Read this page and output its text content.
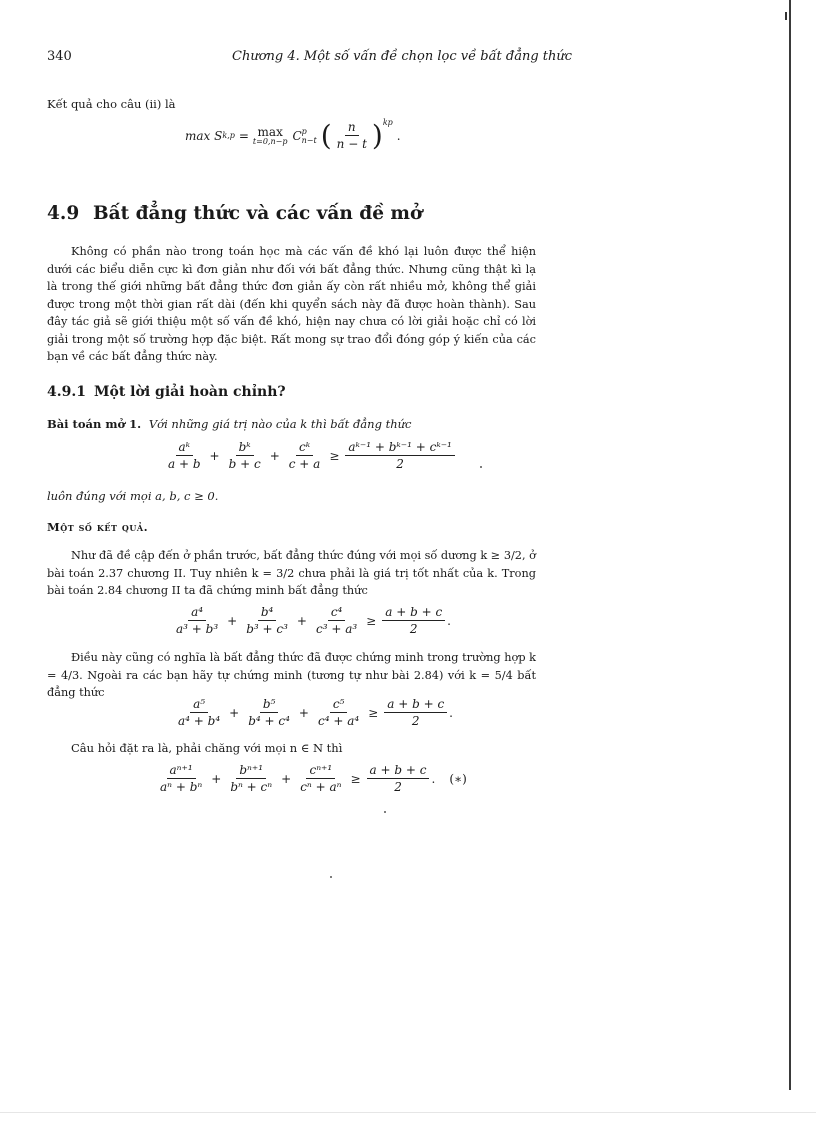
340	Chương 4. Một số vấn đề chọn lọc về bất đẳng thức
Kết quả cho câu (ii) là
max S k,p = max
t=0,n−p C p
n−t ( $\frac{n}{n - t} )^{kp}$
.
4.9 Bất đẳng thức và các vấn đề mở
Không có phần nào trong toán học mà các vấn đề khó lại luôn được thể hiện dưới các biểu diễn cực kì đơn giản như đối với bất đẳng thức. Nhưng cũng thật kì lạ là trong thế giới những bất đẳng thức đơn giản ấy còn rất nhiều mở, không thể giải được trong một thời gian rất dài (đến khi quyển sách này đã được hoàn thành). Sau đây tác giả sẽ giới thiệu một số vấn đề khó, hiện nay chưa có lời giải hoặc chỉ có lời giải trong một số trường hợp đặc biệt. Rất mong sự trao đổi đóng góp ý kiến của các bạn về các bất đẳng thức này.
4.9.1 Một lời giải hoàn chỉnh?
Bài toán mở 1. Với những giá trị nào của k thì bất đẳng thức
$\frac{\text{aᵏ}}{a + b} + \frac{\text{bᵏ}}{b + c} + \frac{\text{cᵏ}}{c + a} \ge \frac{\text{aᵏ⁻¹ + bᵏ⁻¹ + cᵏ⁻¹}}{2}$
luôn đúng với mọi a, b, c ≥ 0.
Một số kết quả.
Như đã đề cập đến ở phần trước, bất đẳng thức đúng với mọi số dương k ≥ 3/2, ở bài toán 2.37 chương II. Tuy nhiên k = 3/2 chưa phải là giá trị tốt nhất của k. Trong bài toán 2.84 chương II ta đã chứng minh bất đẳng thức
$\frac{\text{a⁴}}{\text{a³ + b³}} + \frac{\text{b⁴}}{\text{b³ + c³}} + \frac{\text{c⁴}}{\text{c³ + a³}} \ge \frac{a + b + c}{2}$ .
Điều này cũng có nghĩa là bất đẳng thức đã được chứng minh trong trường hợp k = 4/3. Ngoài ra các bạn hãy tự chứng minh (tương tự như bài 2.84) với k = 5/4 bất đẳng thức
$\frac{\text{a⁵}}{\text{a⁴ + b⁴}} + \frac{\text{b⁵}}{\text{b⁴ + c⁴}} + \frac{\text{c⁵}}{\text{c⁴ + a⁴}} \ge \frac{a + b + c}{2}$ .
Câu hỏi đặt ra là, phải chăng với mọi n ∈ N thì
$\frac{\text{aⁿ⁺¹}}{\text{aⁿ + bⁿ}} + \frac{\text{bⁿ⁺¹}}{\text{bⁿ + cⁿ}} + \frac{\text{cⁿ⁺¹}}{\text{cⁿ + aⁿ}} \ge \frac{a + b + c}{2}$ . (∗)
